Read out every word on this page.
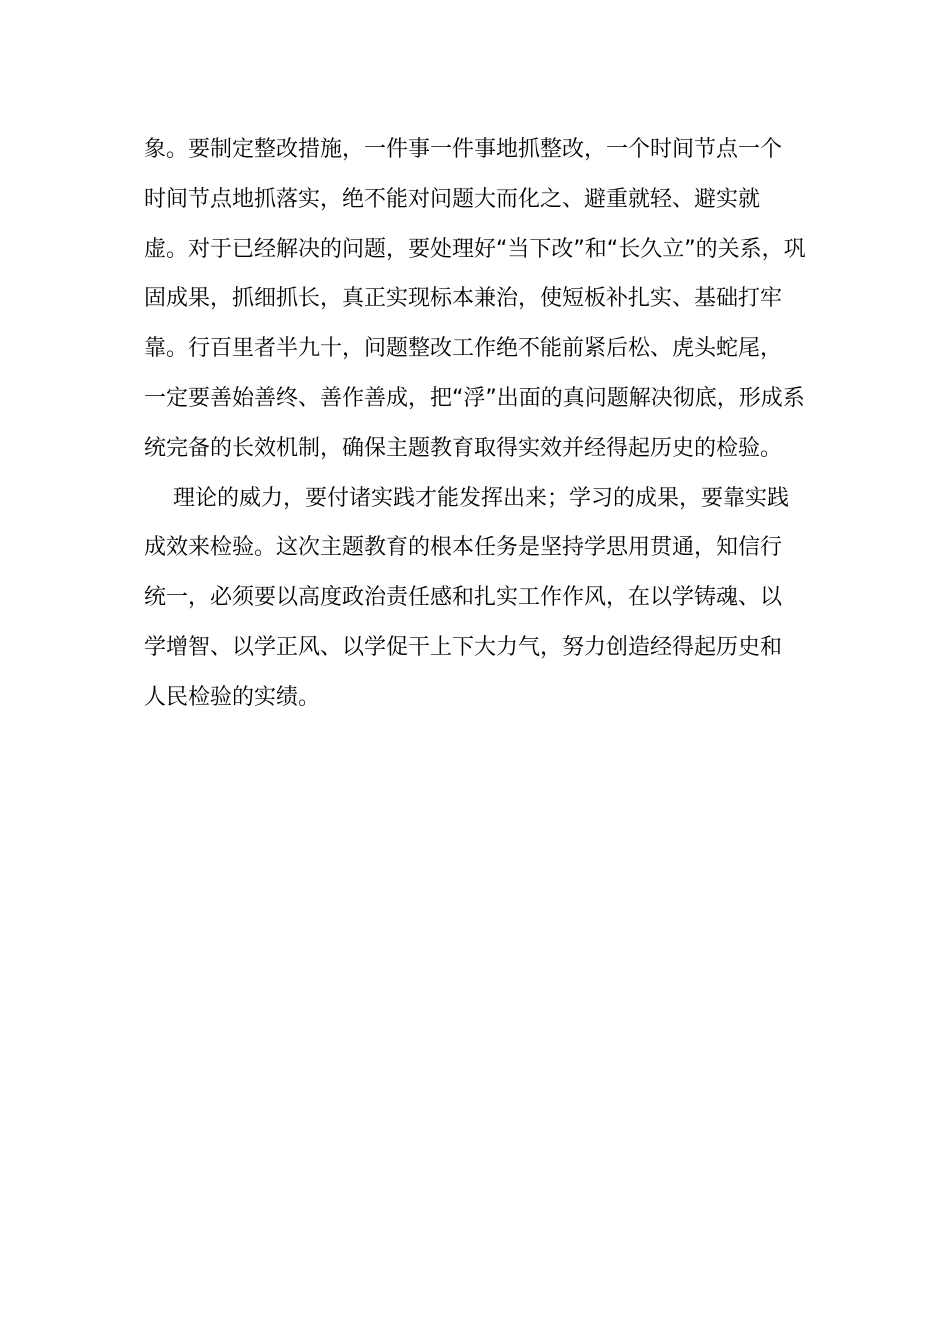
象。要制定整改措施，一件事一件事地抓整改，一个时间节点一个
时间节点地抓落实，绝不能对问题大而化之、避重就轻、避实就
虚。对于已经解决的问题，要处理好“当下改”和“长久立”的关系，巩
固成果，抓细抓长，真正实现标本兼治，使短板补扎实、基础打牢
靠。行百里者半九十，问题整改工作绝不能前紧后松、虎头蛇尾，
一定要善始善终、善作善成，把“浮”出面的真问题解决彻底，形成系
统完备的长效机制，确保主题教育取得实效并经得起历史的检验。

理论的威力，要付诸实践才能发挥出来；学习的成果，要靠实践
成效来检验。这次主题教育的根本任务是坚持学思用贯通，知信行
统一，必须要以高度政治责任感和扎实工作作风，在以学铸魂、以
学增智、以学正风、以学促干上下大力气，努力创造经得起历史和
人民检验的实绩。
